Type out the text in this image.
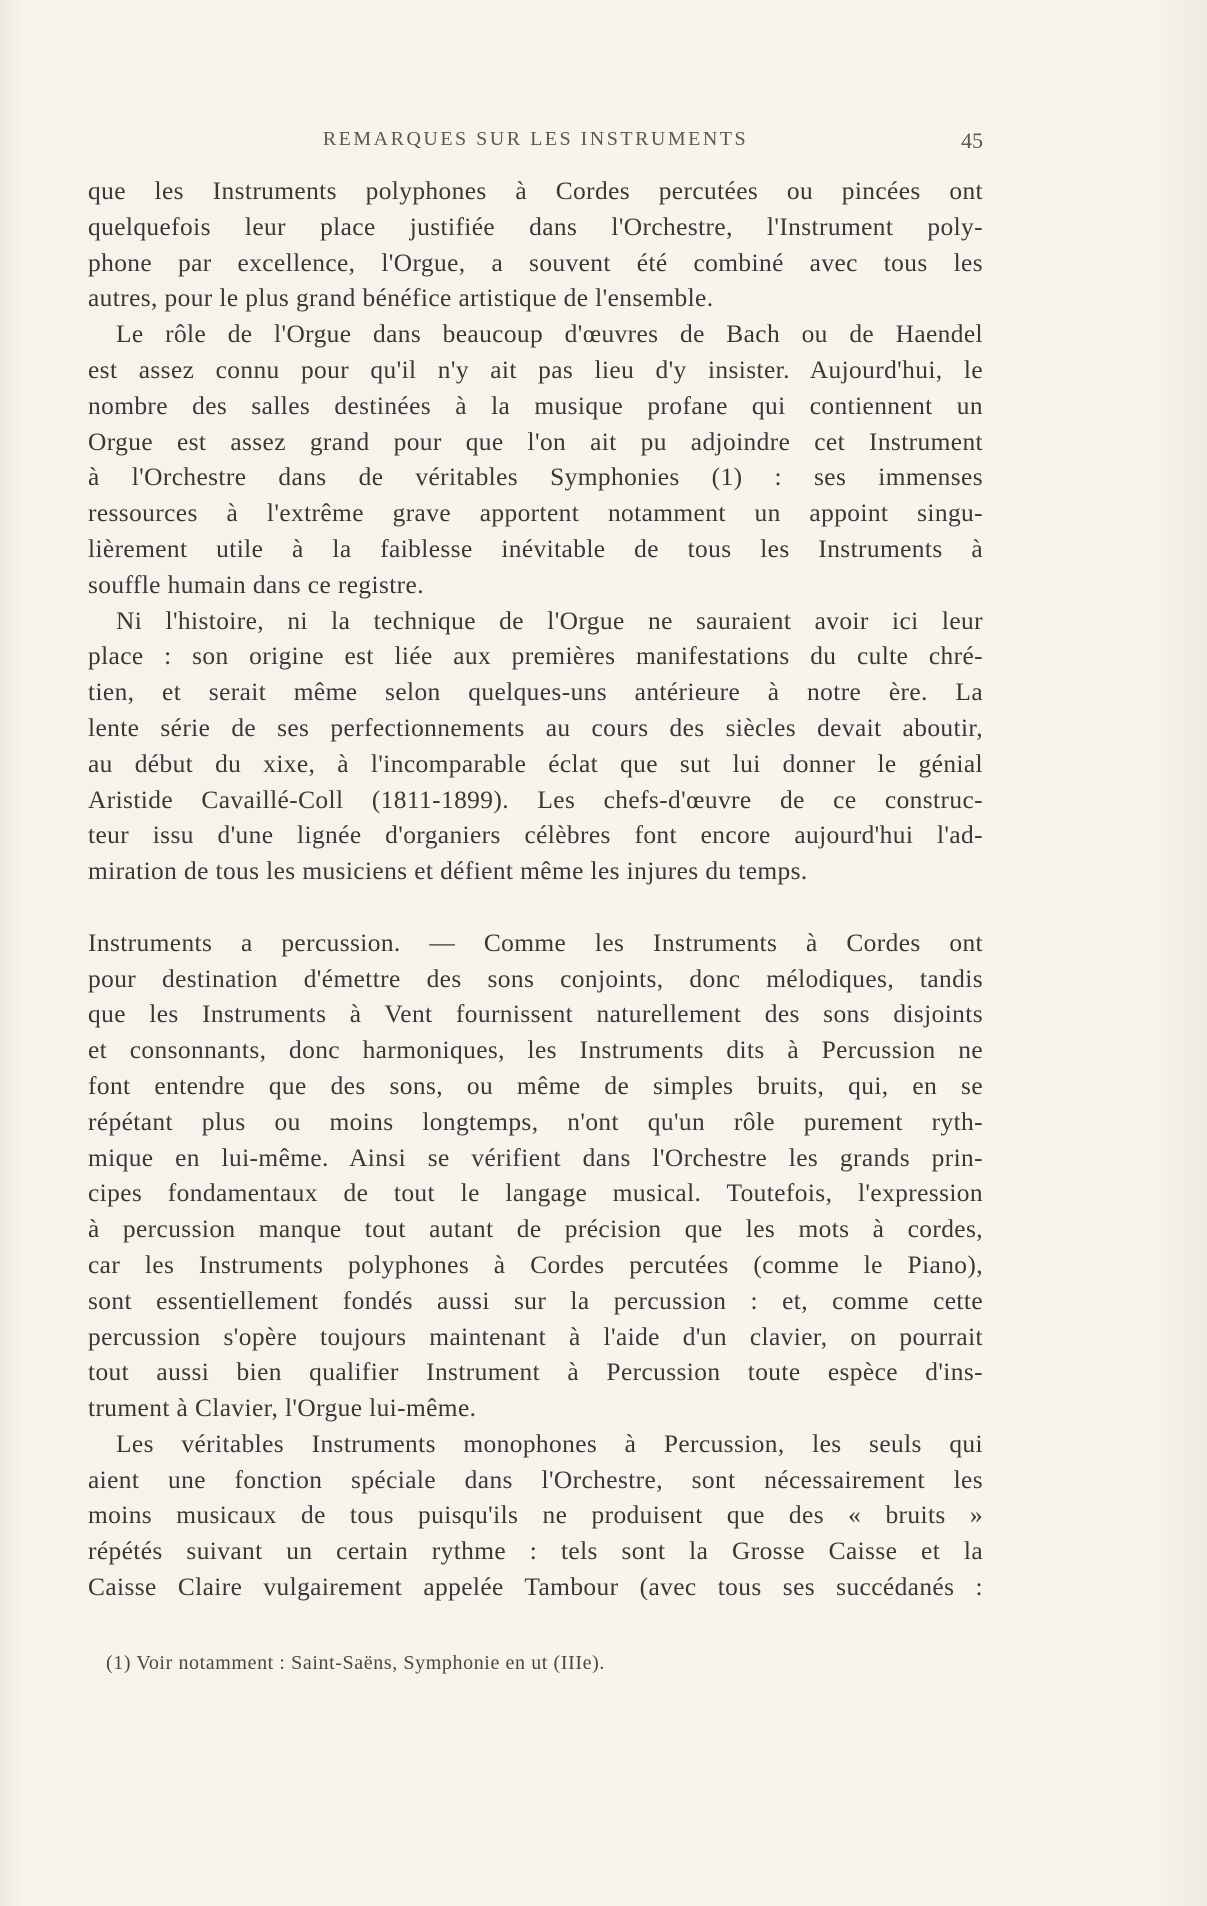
REMARQUES SUR LES INSTRUMENTS	45
que les Instruments polyphones à Cordes percutées ou pincées ont
quelquefois leur place justifiée dans l'Orchestre, l'Instrument poly-
phone par excellence, l'Orgue, a souvent été combiné avec tous les
autres, pour le plus grand bénéfice artistique de l'ensemble.
Le rôle de l'Orgue dans beaucoup d'œuvres de Bach ou de Haendel
est assez connu pour qu'il n'y ait pas lieu d'y insister. Aujourd'hui, le
nombre des salles destinées à la musique profane qui contiennent un
Orgue est assez grand pour que l'on ait pu adjoindre cet Instrument
à l'Orchestre dans de véritables Symphonies (1) : ses immenses
ressources à l'extrême grave apportent notamment un appoint singu-
lièrement utile à la faiblesse inévitable de tous les Instruments à
souffle humain dans ce registre.
Ni l'histoire, ni la technique de l'Orgue ne sauraient avoir ici leur
place : son origine est liée aux premières manifestations du culte chré-
tien, et serait même selon quelques-uns antérieure à notre ère. La
lente série de ses perfectionnements au cours des siècles devait aboutir,
au début du xixe, à l'incomparable éclat que sut lui donner le génial
Aristide Cavaillé-Coll (1811-1899). Les chefs-d'œuvre de ce construc-
teur issu d'une lignée d'organiers célèbres font encore aujourd'hui l'ad-
miration de tous les musiciens et défient même les injures du temps.
Instruments a percussion. — Comme les Instruments à Cordes ont
pour destination d'émettre des sons conjoints, donc mélodiques, tandis
que les Instruments à Vent fournissent naturellement des sons disjoints
et consonnants, donc harmoniques, les Instruments dits à Percussion ne
font entendre que des sons, ou même de simples bruits, qui, en se
répétant plus ou moins longtemps, n'ont qu'un rôle purement ryth-
mique en lui-même. Ainsi se vérifient dans l'Orchestre les grands prin-
cipes fondamentaux de tout le langage musical. Toutefois, l'expression
à percussion manque tout autant de précision que les mots à cordes,
car les Instruments polyphones à Cordes percutées (comme le Piano),
sont essentiellement fondés aussi sur la percussion : et, comme cette
percussion s'opère toujours maintenant à l'aide d'un clavier, on pourrait
tout aussi bien qualifier Instrument à Percussion toute espèce d'ins-
trument à Clavier, l'Orgue lui-même.
Les véritables Instruments monophones à Percussion, les seuls qui
aient une fonction spéciale dans l'Orchestre, sont nécessairement les
moins musicaux de tous puisqu'ils ne produisent que des « bruits »
répétés suivant un certain rythme : tels sont la Grosse Caisse et la
Caisse Claire vulgairement appelée Tambour (avec tous ses succédanés :
(1) Voir notamment : Saint-Saëns, Symphonie en ut (IIIe).
